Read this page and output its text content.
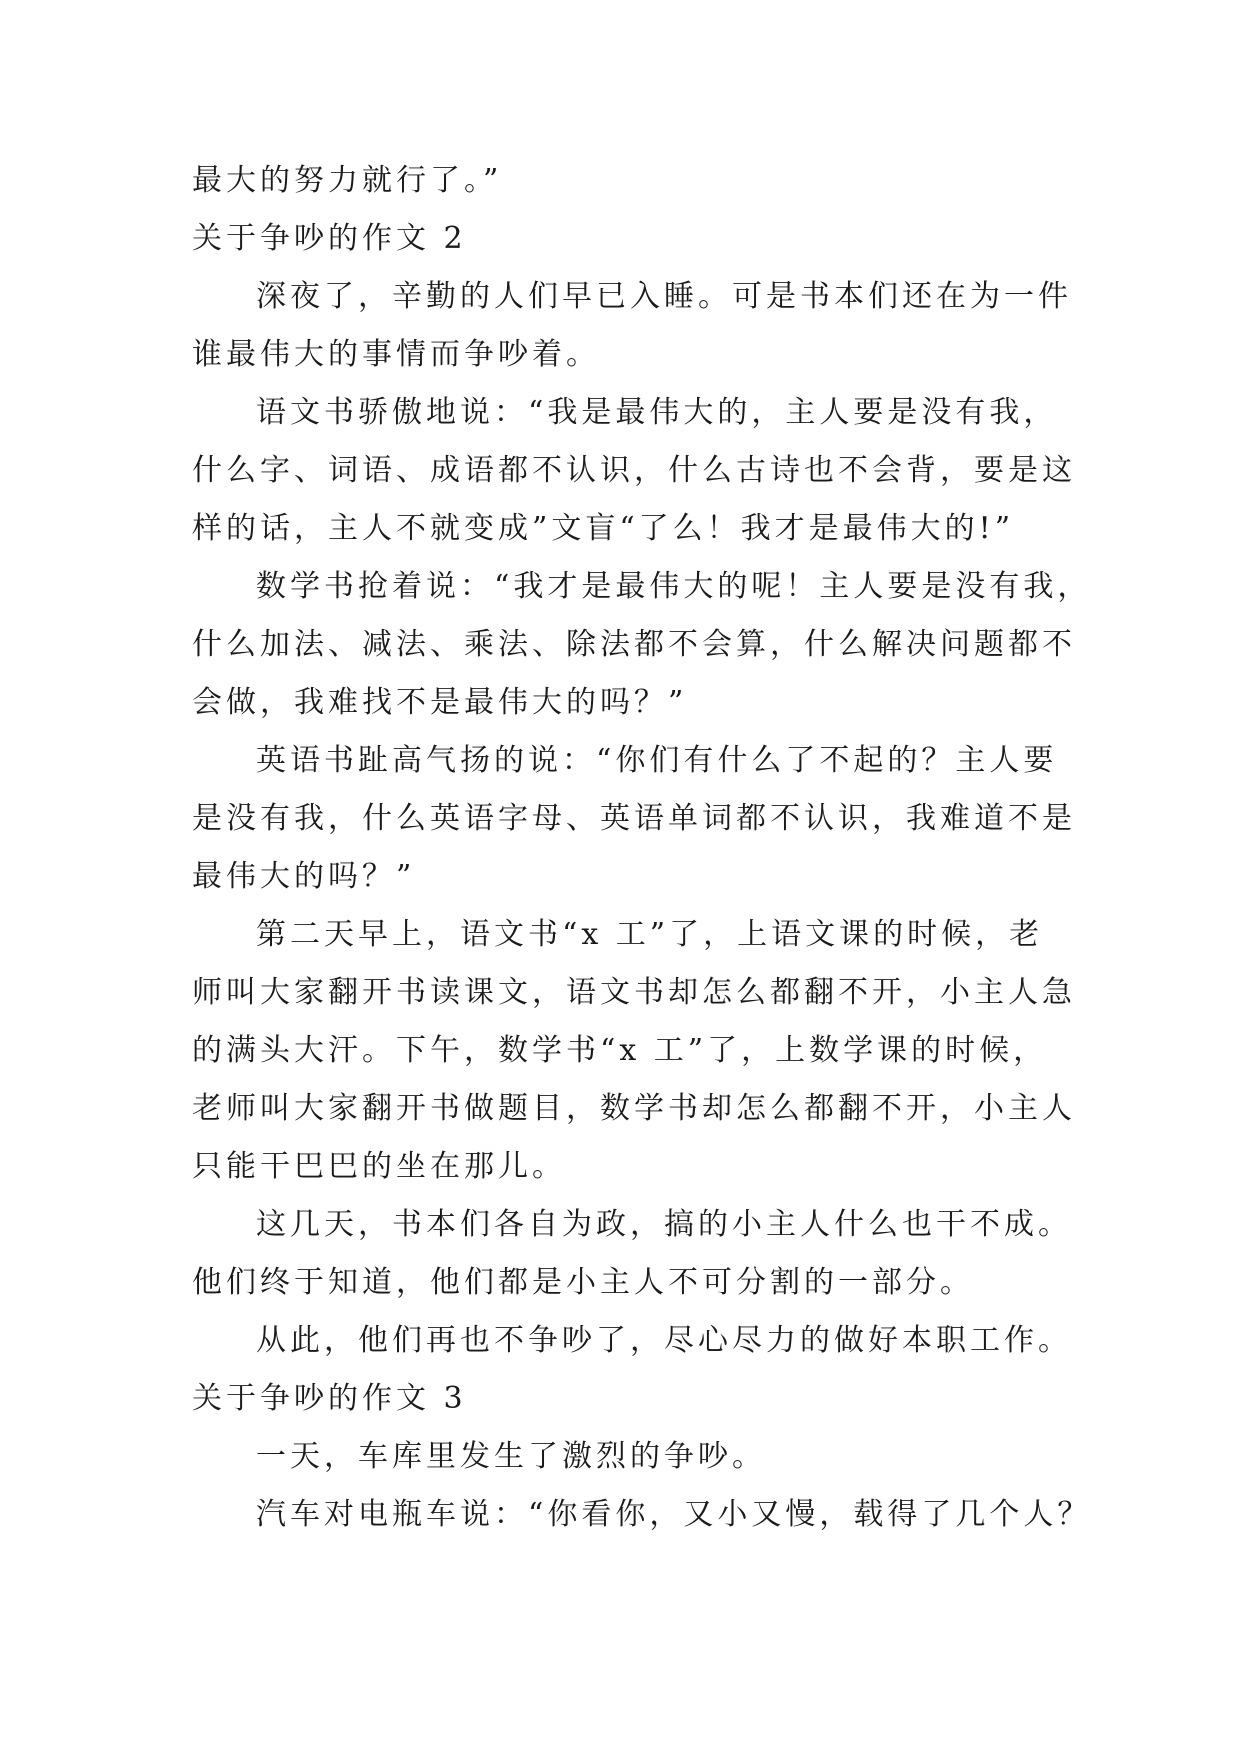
最大的努力就行了。”
关于争吵的作文 2
深夜了，辛勤的人们早已入睡。可是书本们还在为一件
谁最伟大的事情而争吵着。
语文书骄傲地说：“我是最伟大的，主人要是没有我，
什么字、词语、成语都不认识，什么古诗也不会背，要是这
样的话，主人不就变成”文盲“了么！我才是最伟大的!”
数学书抢着说：“我才是最伟大的呢！主人要是没有我，
什么加法、减法、乘法、除法都不会算，什么解决问题都不
会做，我难找不是最伟大的吗？”
英语书趾高气扬的说：“你们有什么了不起的？主人要
是没有我，什么英语字母、英语单词都不认识，我难道不是
最伟大的吗？”
第二天早上，语文书“x 工”了，上语文课的时候，老
师叫大家翻开书读课文，语文书却怎么都翻不开，小主人急
的满头大汗。下午，数学书“x 工”了，上数学课的时候，
老师叫大家翻开书做题目，数学书却怎么都翻不开，小主人
只能干巴巴的坐在那儿。
这几天，书本们各自为政，搞的小主人什么也干不成。
他们终于知道，他们都是小主人不可分割的一部分。
从此，他们再也不争吵了，尽心尽力的做好本职工作。
关于争吵的作文 3
一天，车库里发生了激烈的争吵。
汽车对电瓶车说：“你看你，又小又慢，载得了几个人？
